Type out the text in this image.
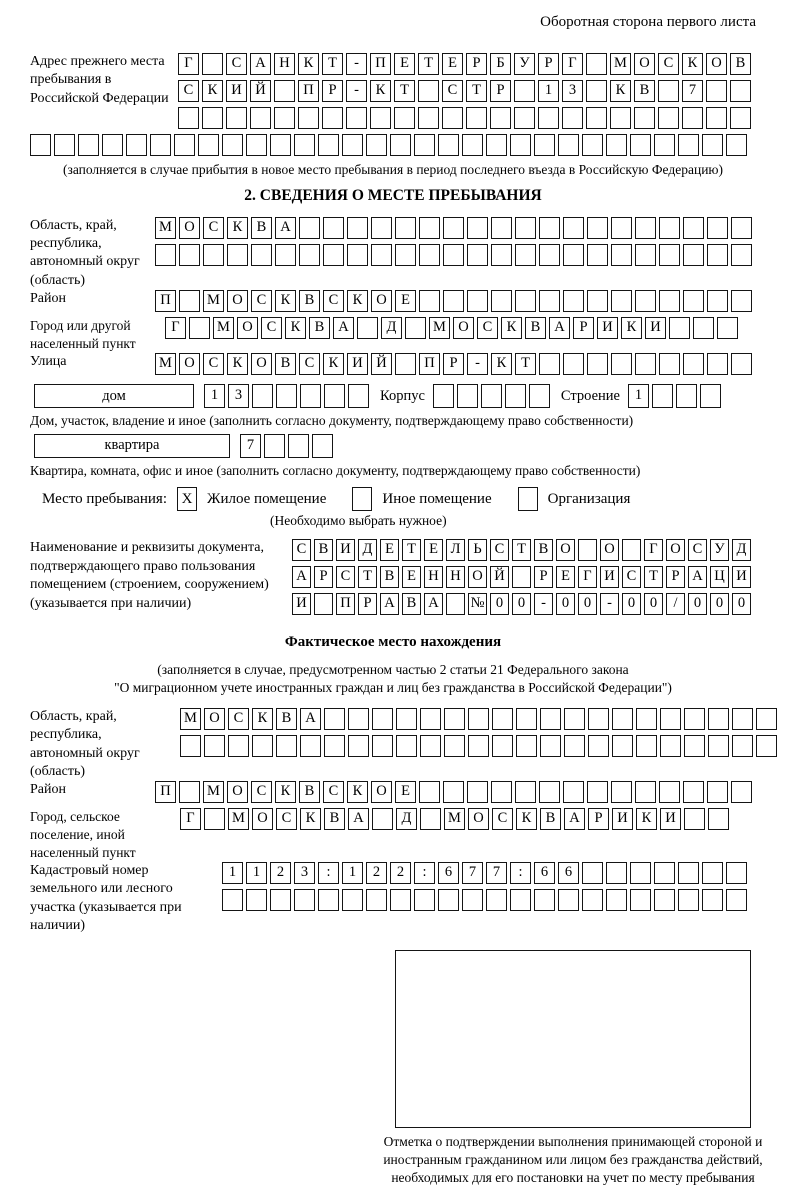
Оборотная сторона первого листа
Адрес прежнего места пребывания в Российской Федерации
Г	С А Н К	Т	-	П Е	Т	Е	Р	Б	У	Р	Г	М О С К О В
С К И Й	П	Р	-	К	Т	С	Т	Р	1	3	К В	7
(заполняется в случае прибытия в новое место пребывания в период последнего въезда в Российскую Федерацию)
2. СВЕДЕНИЯ О МЕСТЕ ПРЕБЫВАНИЯ
Область, край, республика, автономный округ (область)
М О С К В А
Район	П	М О С К В С К О Е
Город или другой населенный пункт
Г	М О С К В А	Д	М О С К В А	Р	И К И
Улица	М О С К О В С К И Й	П	Р	-	К	Т
дом	1	3	Корпус	Строение	1
Дом, участок, владение и иное (заполнить согласно документу, подтверждающему право собственности)
квартира	7
Квартира, комната, офис и иное (заполнить согласно документу, подтверждающему право собственности)
Место пребывания: X Жилое помещение	Иное помещение	Организация
(Необходимо выбрать нужное)
Наименование и реквизиты документа, подтверждающего право пользования помещением (строением, сооружением) (указывается при наличии)
С В И Д Е Т Е Л Ь С Т В О О	Г О С У Д
А Р С Т В Е Н Н О Й	Р Е Г И С Т Р А Ц И
И П Р А В А № 0	0	-	0	0	-	0	0	/	0	0	0
Фактическое место нахождения
(заполняется в случае, предусмотренном частью 2 статьи 21 Федерального закона
"О миграционном учете иностранных граждан и лиц без гражданства в Российской Федерации")
Область, край, республика, автономный округ (область)
М О С К В А
Район	П	М О С К В С К О Е
Город, сельское поселение, иной населенный пункт
Г	М О С К В А	Д	М О С К В А	Р	И К И
Кадастровый номер земельного или лесного участка (указывается при наличии)
1	1	2	3	:	1	2	2	:	6	7	7	:	6	6
Отметка о подтверждении выполнения принимающей стороной и иностранным гражданином или лицом без гражданства действий, необходимых для его постановки на учет по месту пребывания
